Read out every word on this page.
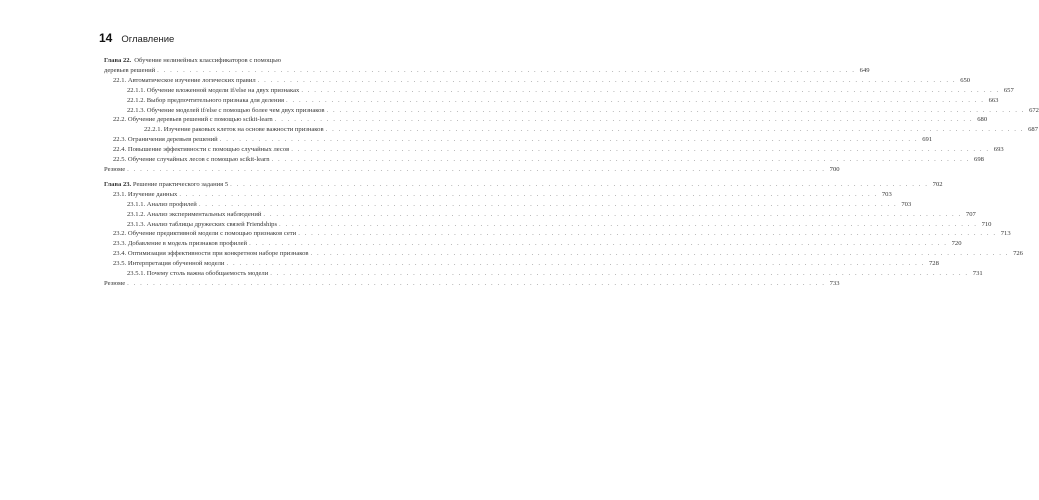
14 Оглавление
Глава 22. Обучение нелинейных классификаторов с помощью
деревьев решений . . .	649
22.1. Автоматическое изучение логических правил . . .	650
22.1.1. Обучение вложенной модели if/else на двух признаках . . .	657
22.1.2. Выбор предпочтительного признака для деления . . .	663
22.1.3. Обучение моделей if/else с помощью более чем двух признаков . . .	672
22.2. Обучение деревьев решений с помощью scikit-learn . . .	680
22.2.1. Изучение раковых клеток на основе важности признаков . . .	687
22.3. Ограничения деревьев решений . . .	691
22.4. Повышение эффективности с помощью случайных лесов . . .	693
22.5. Обучение случайных лесов с помощью scikit-learn . . .	698
Резюме . . .	700
Глава 23. Решение практического задания 5 . . .	702
23.1. Изучение данных . . .	703
23.1.1. Анализ профилей . . .	703
23.1.2. Анализ экспериментальных наблюдений . . .	707
23.1.3. Анализ таблицы дружеских связей Friendships . . .	710
23.2. Обучение предиктивной модели с помощью признаков сети . . .	713
23.3. Добавление в модель признаков профилей . . .	720
23.4. Оптимизация эффективности при конкретном наборе признаков . . .	726
23.5. Интерпретация обученной модели . . .	728
23.5.1. Почему столь важна обобщаемость модели . . .	731
Резюме . . .	733
